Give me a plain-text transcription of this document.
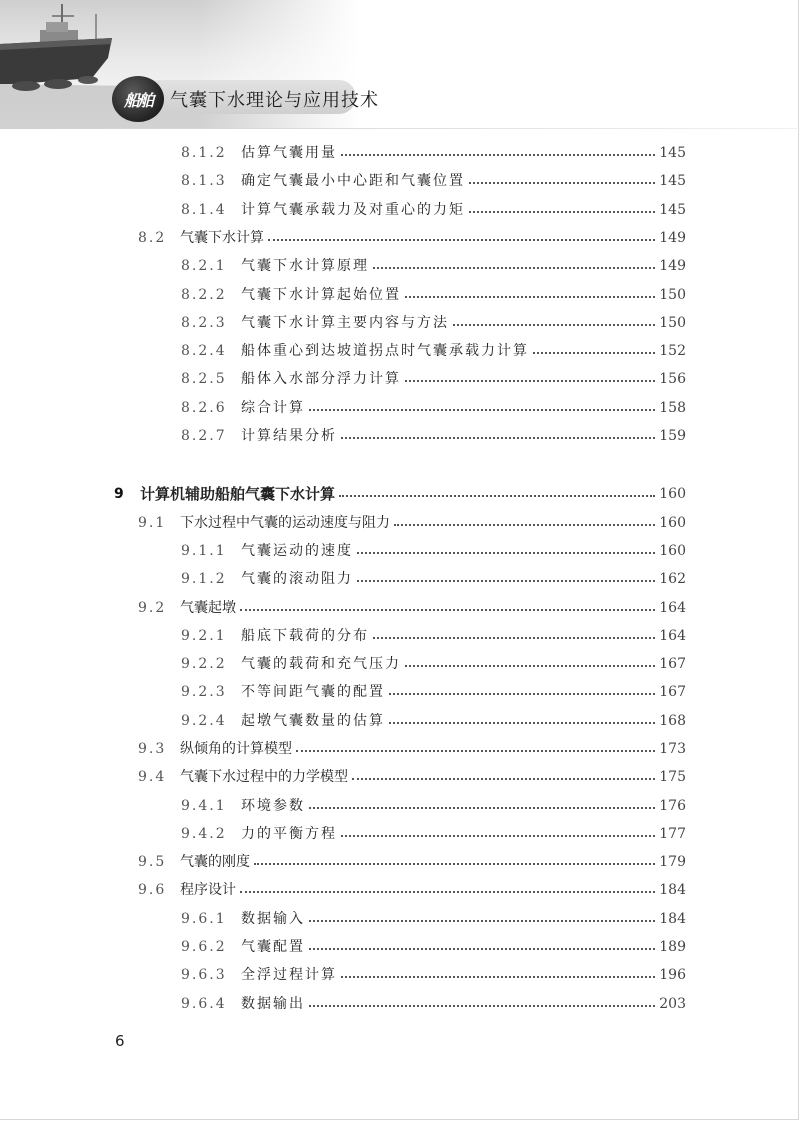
船舶	气囊下水理论与应用技术
8.1.2	估算气囊用量	145
8.1.3	确定气囊最小中心距和气囊位置	145
8.1.4	计算气囊承载力及对重心的力矩	145
8.2 气囊下水计算	149
8.2.1	气囊下水计算原理	149
8.2.2	气囊下水计算起始位置	150
8.2.3	气囊下水计算主要内容与方法	150
8.2.4	船体重心到达坡道拐点时气囊承载力计算	152
8.2.5	船体入水部分浮力计算	156
8.2.6	综合计算	158
8.2.7	计算结果分析	159
9	计算机辅助船舶气囊下水计算	160
9.1 下水过程中气囊的运动速度与阻力	160
9.1.1	气囊运动的速度	160
9.1.2	气囊的滚动阻力	162
9.2 气囊起墩	164
9.2.1	船底下载荷的分布	164
9.2.2	气囊的载荷和充气压力	167
9.2.3	不等间距气囊的配置	167
9.2.4	起墩气囊数量的估算	168
9.3 纵倾角的计算模型	173
9.4 气囊下水过程中的力学模型	175
9.4.1	环境参数	176
9.4.2	力的平衡方程	177
9.5 气囊的刚度	179
9.6 程序设计	184
9.6.1	数据输入	184
9.6.2	气囊配置	189
9.6.3	全浮过程计算	196
9.6.4	数据输出	203
6
